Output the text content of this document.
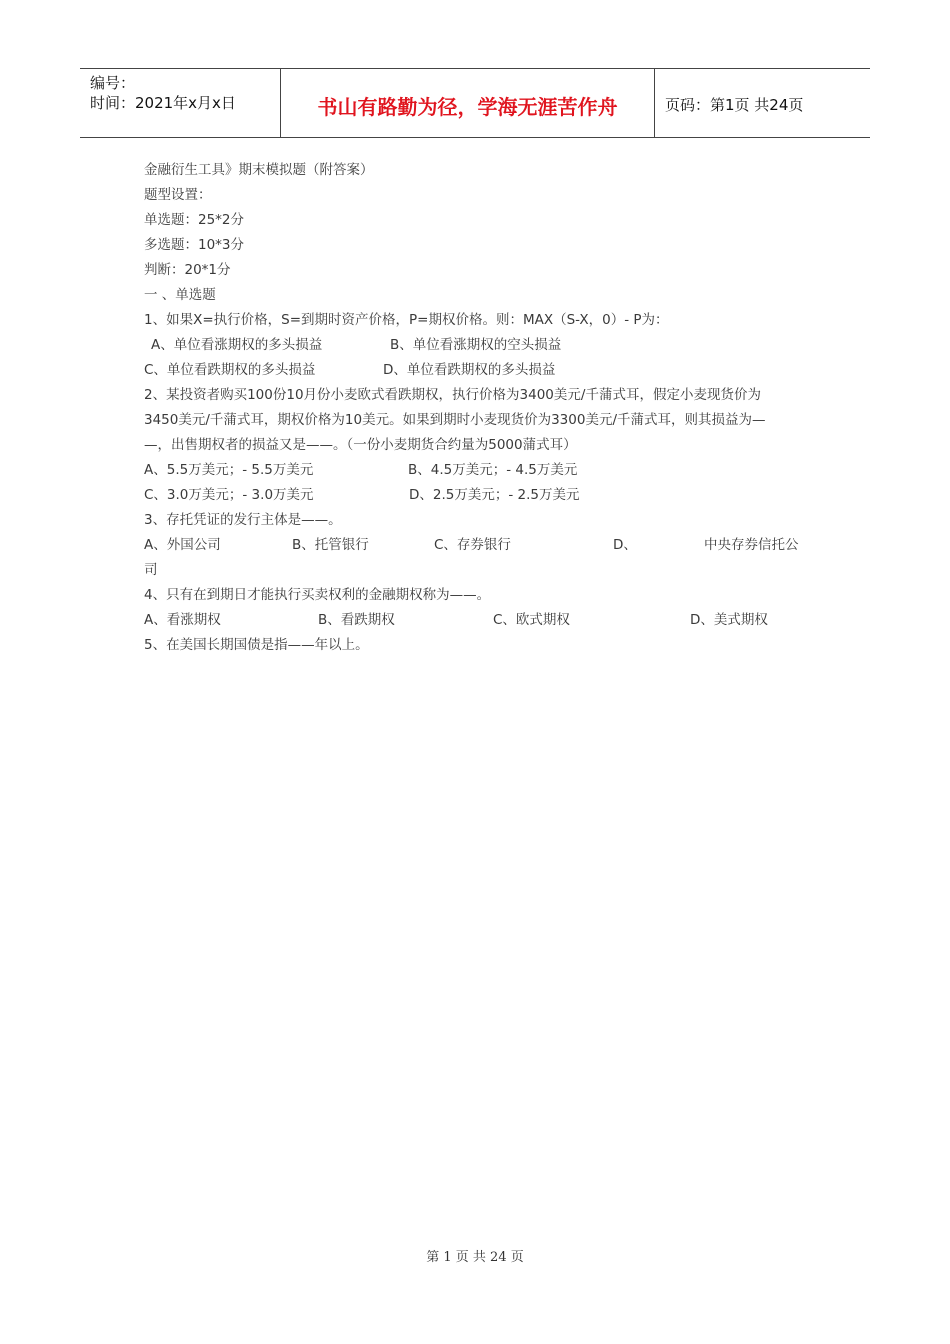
编号：
时间：2021年x月x日	书山有路勤为径，学海无涯苦作舟	页码：第1页 共24页
金融衍生工具》期末模拟题（附答案）
题型设置：
单选题：25*2分
多选题：10*3分
判断：20*1分
一 、单选题
1、如果X=执行价格，S=到期时资产价格，P=期权价格。则：MAX（S-X，0）- P为：
A、单位看涨期权的多头损益	B、单位看涨期权的空头损益
C、单位看跌期权的多头损益	D、单位看跌期权的多头损益
2、某投资者购买100份10月份小麦欧式看跌期权，执行价格为3400美元/千蒲式耳，假定小麦现货价为
3450美元/千蒲式耳，期权价格为10美元。如果到期时小麦现货价为3300美元/千蒲式耳，则其损益为—
—，出售期权者的损益又是——。（一份小麦期货合约量为5000蒲式耳）
A、5.5万美元；- 5.5万美元	B、4.5万美元；- 4.5万美元
C、3.0万美元；- 3.0万美元	D、2.5万美元；- 2.5万美元
3、存托凭证的发行主体是——。
A、外国公司	B、托管银行	C、存券银行	D、	中央存券信托公
司
4、只有在到期日才能执行买卖权利的金融期权称为——。
A、看涨期权	B、看跌期权	C、欧式期权	D、美式期权
5、在美国长期国债是指——年以上。
第 1 页 共 24 页
